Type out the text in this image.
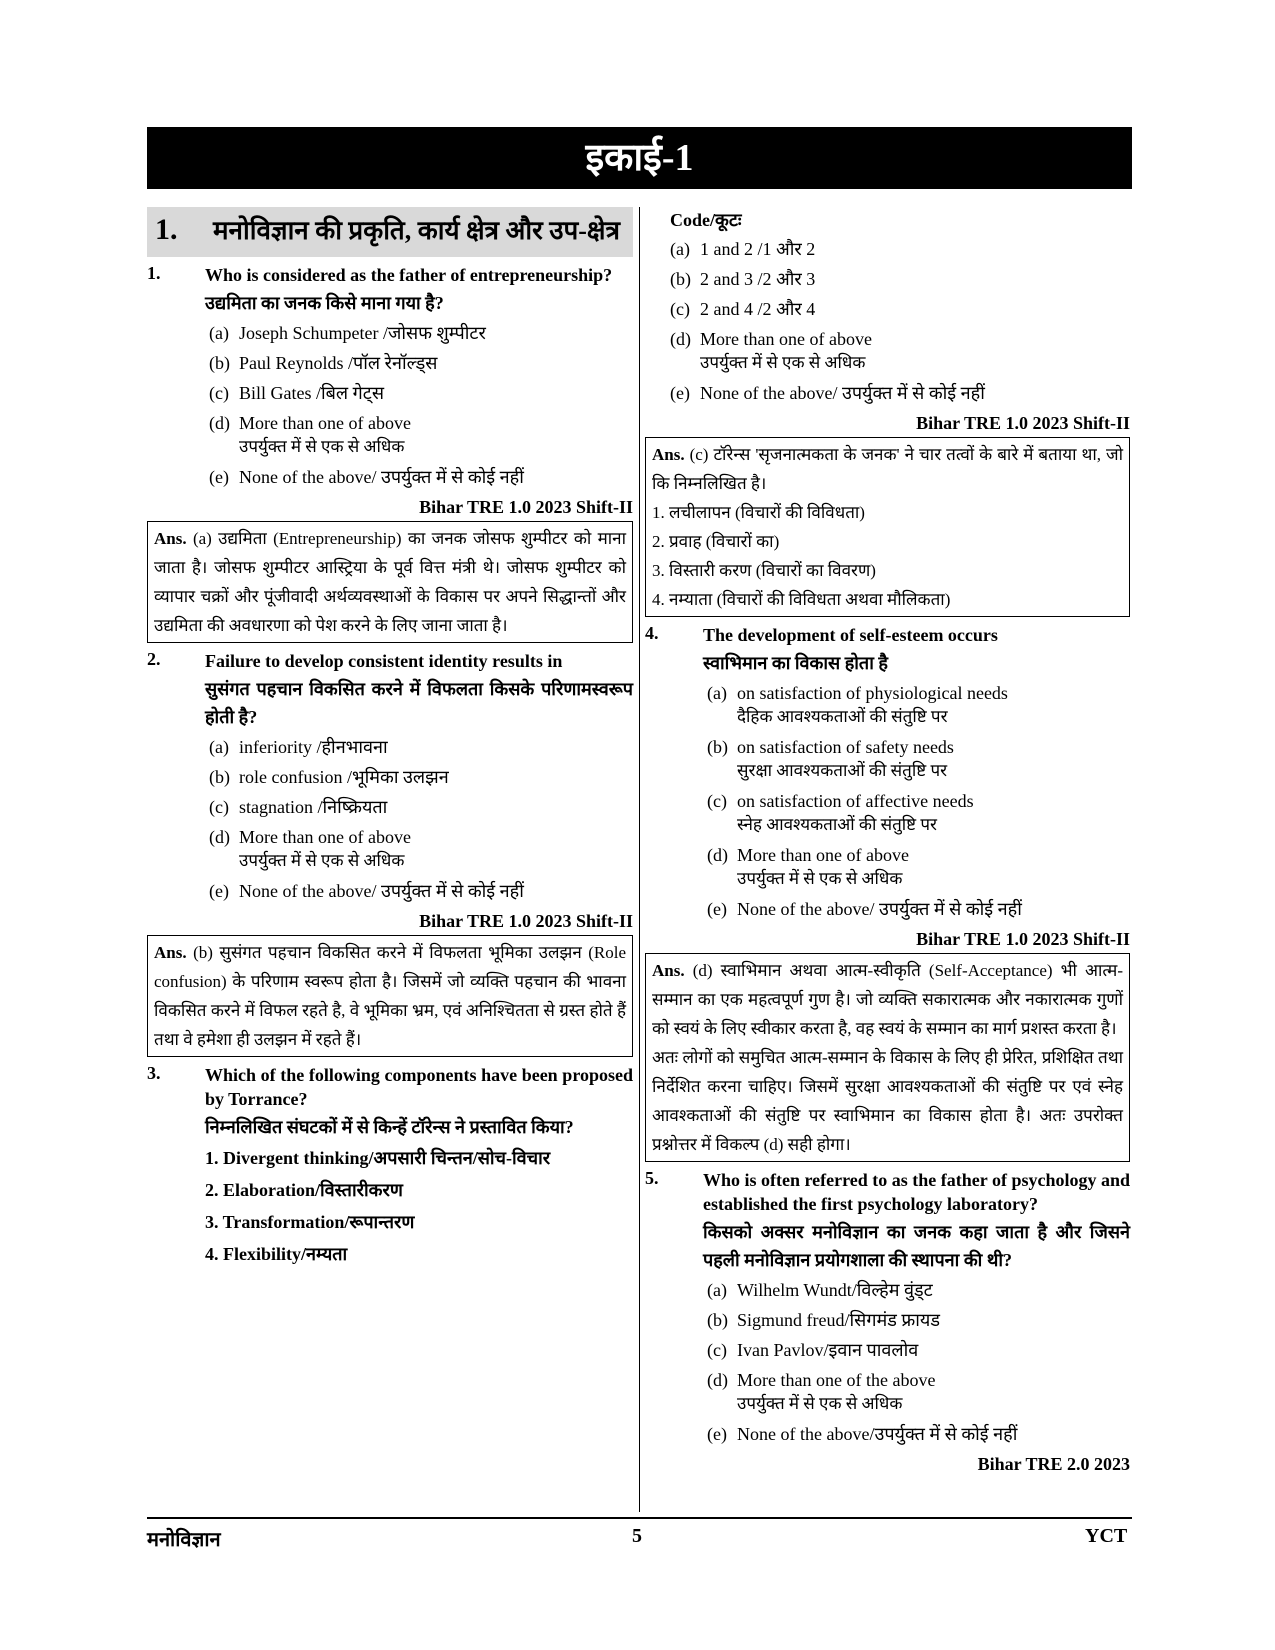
इकाई-1
1.	मनोविज्ञान की प्रकृति, कार्य क्षेत्र और उप-क्षेत्र
1.	Who is considered as the father of entrepreneurship?
उद्यमिता का जनक किसे माना गया है?
(a) Joseph Schumpeter /जोसफ शुम्पीटर
(b) Paul Reynolds /पॉल रेनॉल्ड्स
(c) Bill Gates /बिल गेट्स
(d) More than one of above
उपर्युक्त में से एक से अधिक
(e) None of the above/ उपर्युक्त में से कोई नहीं
Bihar TRE 1.0 2023 Shift-II
Ans. (a) उद्यमिता (Entrepreneurship) का जनक जोसफ शुम्पीटर को माना जाता है। जोसफ शुम्पीटर आस्ट्रिया के पूर्व वित्त मंत्री थे। जोसफ शुम्पीटर को व्यापार चक्रों और पूंजीवादी अर्थव्यवस्थाओं के विकास पर अपने सिद्धान्तों और उद्यमिता की अवधारणा को पेश करने के लिए जाना जाता है।
2.	Failure to develop consistent identity results in
सुसंगत पहचान विकसित करने में विफलता किसके परिणामस्वरूप होती है?
(a) inferiority /हीनभावना
(b) role confusion /भूमिका उलझन
(c) stagnation /निष्क्रियता
(d) More than one of above
उपर्युक्त में से एक से अधिक
(e) None of the above/ उपर्युक्त में से कोई नहीं
Bihar TRE 1.0 2023 Shift-II
Ans. (b) सुसंगत पहचान विकसित करने में विफलता भूमिका उलझन (Role confusion) के परिणाम स्वरूप होता है। जिसमें जो व्यक्ति पहचान की भावना विकसित करने में विफल रहते है, वे भूमिका भ्रम, एवं अनिश्चितता से ग्रस्त होते हैं तथा वे हमेशा ही उलझन में रहते हैं।
3.	Which of the following components have been proposed by Torrance?
निम्नलिखित संघटकों में से किन्हें टॉरेन्स ने प्रस्तावित किया?
1. Divergent thinking/अपसारी चिन्तन/सोच-विचार
2. Elaboration/विस्तारीकरण
3. Transformation/रूपान्तरण
4. Flexibility/नम्यता
Code/कूटः
(a) 1 and 2 /1 और 2
(b) 2 and 3 /2 और 3
(c) 2 and 4 /2 और 4
(d) More than one of above
उपर्युक्त में से एक से अधिक
(e) None of the above/ उपर्युक्त में से कोई नहीं
Bihar TRE 1.0 2023 Shift-II
Ans. (c) टॉरेन्स 'सृजनात्मकता के जनक' ने चार तत्वों के बारे में बताया था, जो कि निम्नलिखित है।
1. लचीलापन (विचारों की विविधता)
2. प्रवाह (विचारों का)
3. विस्तारी करण (विचारों का विवरण)
4. नम्याता (विचारों की विविधता अथवा मौलिकता)
4.	The development of self-esteem occurs
स्वाभिमान का विकास होता है
(a) on satisfaction of physiological needs
दैहिक आवश्यकताओं की संतुष्टि पर
(b) on satisfaction of safety needs
सुरक्षा आवश्यकताओं की संतुष्टि पर
(c) on satisfaction of affective needs
स्नेह आवश्यकताओं की संतुष्टि पर
(d) More than one of above
उपर्युक्त में से एक से अधिक
(e) None of the above/ उपर्युक्त में से कोई नहीं
Bihar TRE 1.0 2023 Shift-II
Ans. (d) स्वाभिमान अथवा आत्म-स्वीकृति (Self-Acceptance) भी आत्म-सम्मान का एक महत्वपूर्ण गुण है। जो व्यक्ति सकारात्मक और नकारात्मक गुणों को स्वयं के लिए स्वीकार करता है, वह स्वयं के सम्मान का मार्ग प्रशस्त करता है।
अतः लोगों को समुचित आत्म-सम्मान के विकास के लिए ही प्रेरित, प्रशिक्षित तथा निर्देशित करना चाहिए। जिसमें सुरक्षा आवश्यकताओं की संतुष्टि पर एवं स्नेह आवश्कताओं की संतुष्टि पर स्वाभिमान का विकास होता है। अतः उपरोक्त प्रश्नोत्तर में विकल्प (d) सही होगा।
5.	Who is often referred to as the father of psychology and established the first psychology laboratory?
किसको अक्सर मनोविज्ञान का जनक कहा जाता है और जिसने पहली मनोविज्ञान प्रयोगशाला की स्थापना की थी?
(a) Wilhelm Wundt/विल्हेम वुंड्ट
(b) Sigmund freud/सिगमंड फ्रायड
(c) Ivan Pavlov/इवान पावलोव
(d) More than one of the above
उपर्युक्त में से एक से अधिक
(e) None of the above/उपर्युक्त में से कोई नहीं
Bihar TRE 2.0 2023
मनोविज्ञान	5	YCT
